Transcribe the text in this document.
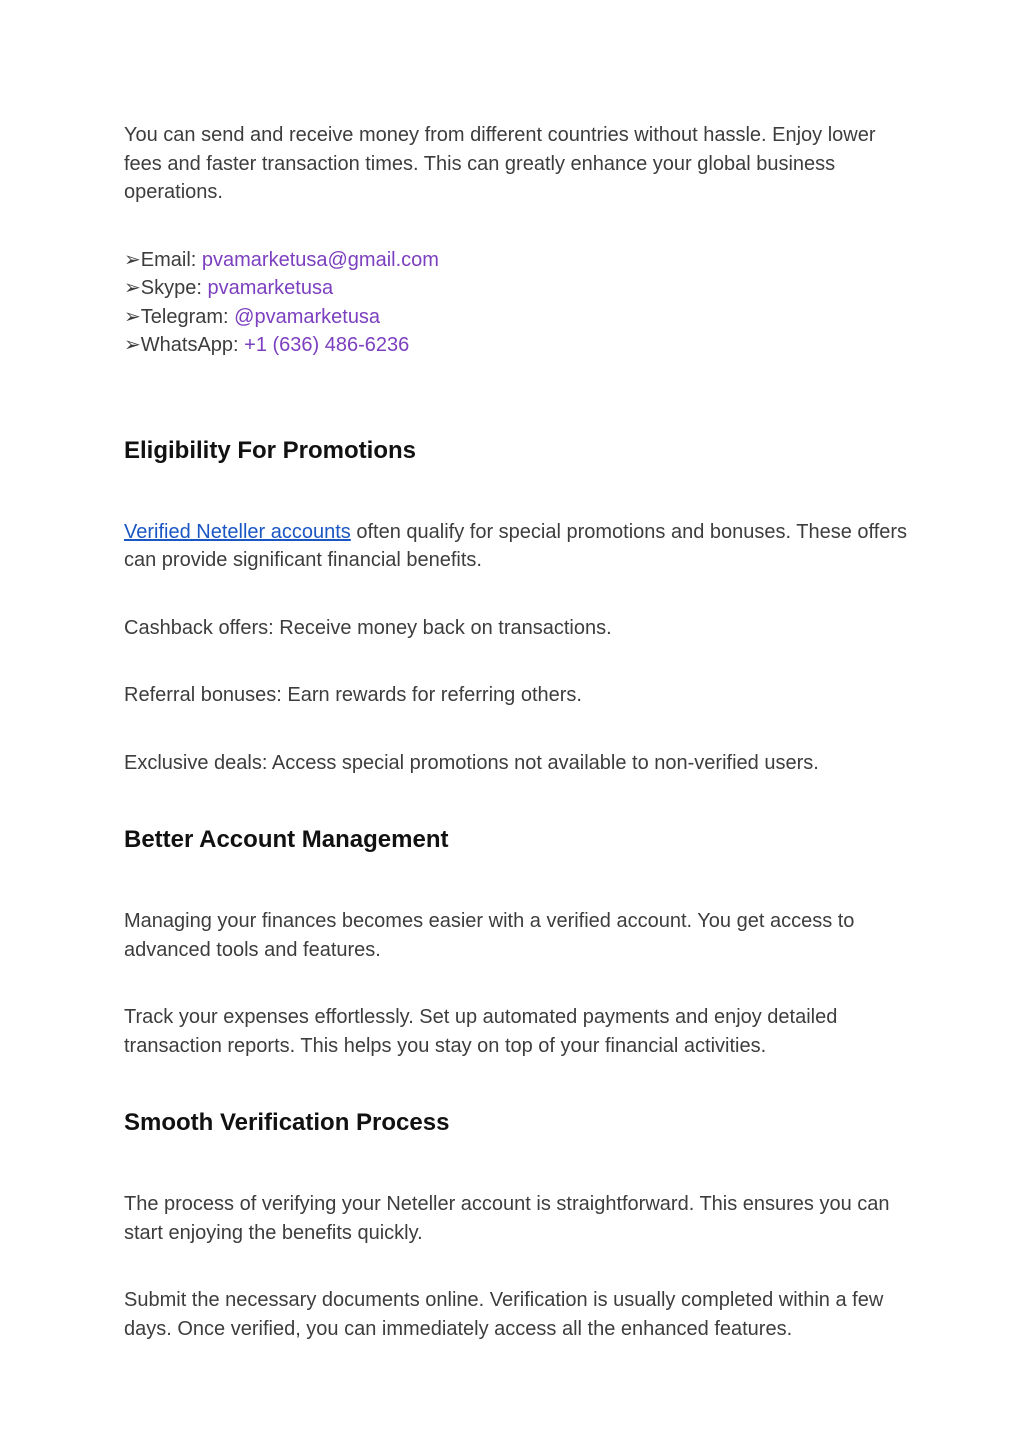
You can send and receive money from different countries without hassle. Enjoy lower fees and faster transaction times. This can greatly enhance your global business operations.

➢Email: pvamarketusa@gmail.com
➢Skype: pvamarketusa
➢Telegram: @pvamarketusa
➢WhatsApp: +1 (636) 486-6236
Eligibility For Promotions

Verified Neteller accounts often qualify for special promotions and bonuses. These offers can provide significant financial benefits.

Cashback offers: Receive money back on transactions.

Referral bonuses: Earn rewards for referring others.

Exclusive deals: Access special promotions not available to non-verified users.

Better Account Management

Managing your finances becomes easier with a verified account. You get access to advanced tools and features.

Track your expenses effortlessly. Set up automated payments and enjoy detailed transaction reports. This helps you stay on top of your financial activities.

Smooth Verification Process

The process of verifying your Neteller account is straightforward. This ensures you can start enjoying the benefits quickly.

Submit the necessary documents online. Verification is usually completed within a few days. Once verified, you can immediately access all the enhanced features.
